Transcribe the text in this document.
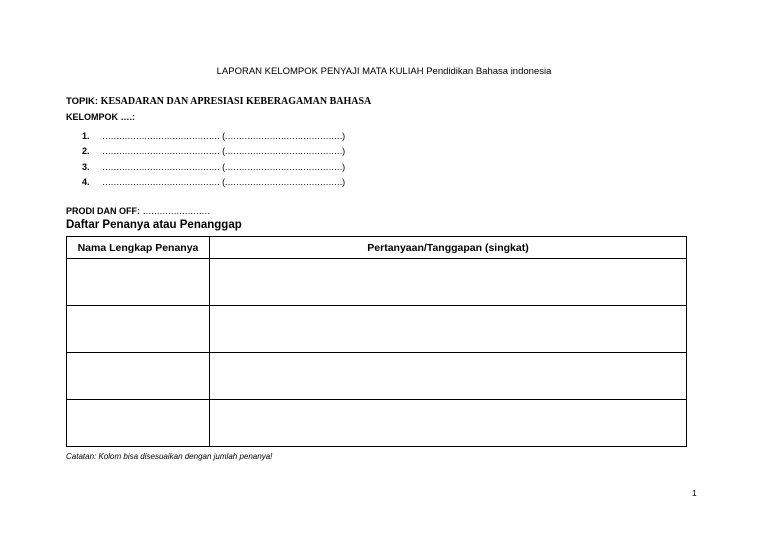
LAPORAN KELOMPOK PENYAJI MATA KULIAH Pendidikan Bahasa indonesia
TOPIK: KESADARAN DAN APRESIASI KEBERAGAMAN BAHASA
KELOMPOK ….:
1.	……………………………………
(……………………………………)
2.	……………………………………
(……………………………………)
3.	……………………………………
(……………………………………)
4.	……………………………………
(……………………………………)
PRODI DAN OFF: ……………………
Daftar Penanya atau Penanggap
Nama Lengkap Penanya	Pertanyaan/Tanggapan (singkat)

Catatan: Kolom bisa disesuaikan dengan jumlah penanya!
1
